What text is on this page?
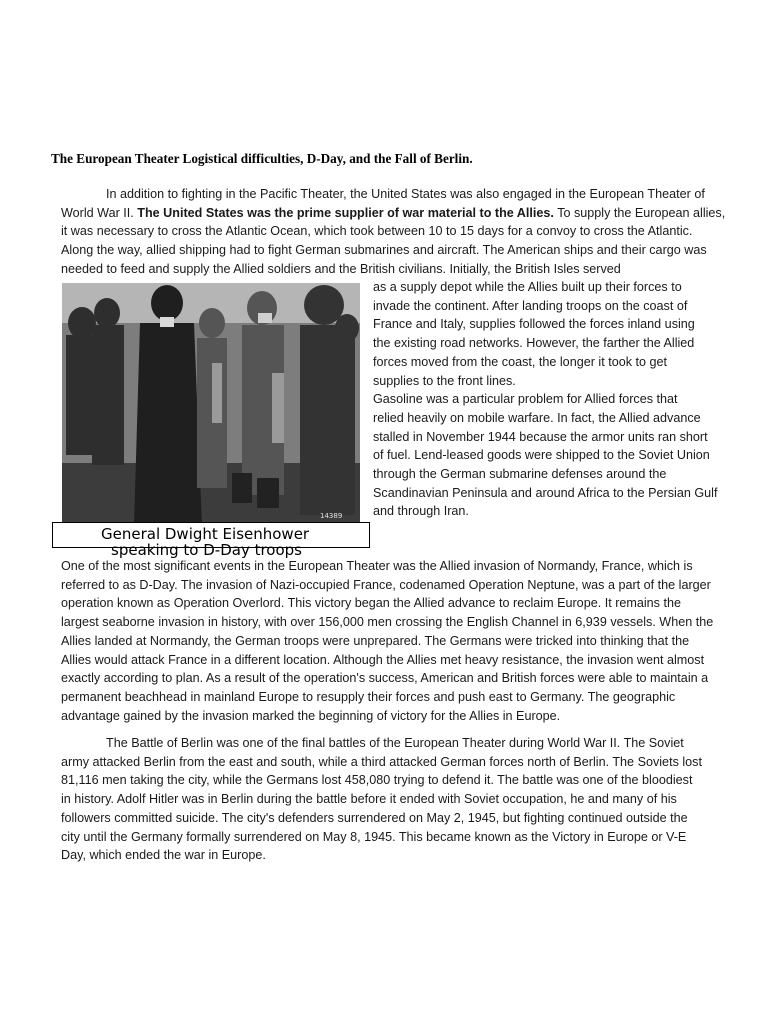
The European Theater Logistical difficulties, D-Day, and the Fall of Berlin.
In addition to fighting in the Pacific Theater, the United States was also engaged in the European Theater of
World War II. The United States was the prime supplier of war material to the Allies. To supply the European allies,
it was necessary to cross the Atlantic Ocean, which took between 10 to 15 days for a convoy to cross the Atlantic.
Along the way, allied shipping had to fight German submarines and aircraft. The American ships and their cargo was
needed to feed and supply the Allied soldiers and the British civilians. Initially, the British Isles served
14389
General Dwight Eisenhower
speaking to D-Day troops
as a supply depot while the Allies built up their forces to
invade the continent. After landing troops on the coast of
France and Italy, supplies followed the forces inland using
the existing road networks. However, the farther the Allied
forces moved from the coast, the longer it took to get
supplies to the front lines.
Gasoline was a particular problem for Allied forces that
relied heavily on mobile warfare. In fact, the Allied advance
stalled in November 1944 because the armor units ran short
of fuel. Lend-leased goods were shipped to the Soviet Union
through the German submarine defenses around the
Scandinavian Peninsula and around Africa to the Persian Gulf
and through Iran.
One of the most significant events in the European Theater was the Allied invasion of Normandy, France, which is
referred to as D-Day. The invasion of Nazi-occupied France, codenamed Operation Neptune, was a part of the larger
operation known as Operation Overlord. This victory began the Allied advance to reclaim Europe. It remains the
largest seaborne invasion in history, with over 156,000 men crossing the English Channel in 6,939 vessels. When the
Allies landed at Normandy, the German troops were unprepared. The Germans were tricked into thinking that the
Allies would attack France in a different location. Although the Allies met heavy resistance, the invasion went almost
exactly according to plan. As a result of the operation's success, American and British forces were able to maintain a
permanent beachhead in mainland Europe to resupply their forces and push east to Germany. The geographic
advantage gained by the invasion marked the beginning of victory for the Allies in Europe.
The Battle of Berlin was one of the final battles of the European Theater during World War II. The Soviet
army attacked Berlin from the east and south, while a third attacked German forces north of Berlin. The Soviets lost
81,116 men taking the city, while the Germans lost 458,080 trying to defend it. The battle was one of the bloodiest
in history. Adolf Hitler was in Berlin during the battle before it ended with Soviet occupation, he and many of his
followers committed suicide. The city's defenders surrendered on May 2, 1945, but fighting continued outside the
city until the Germany formally surrendered on May 8, 1945. This became known as the Victory in Europe or V-E
Day, which ended the war in Europe.
